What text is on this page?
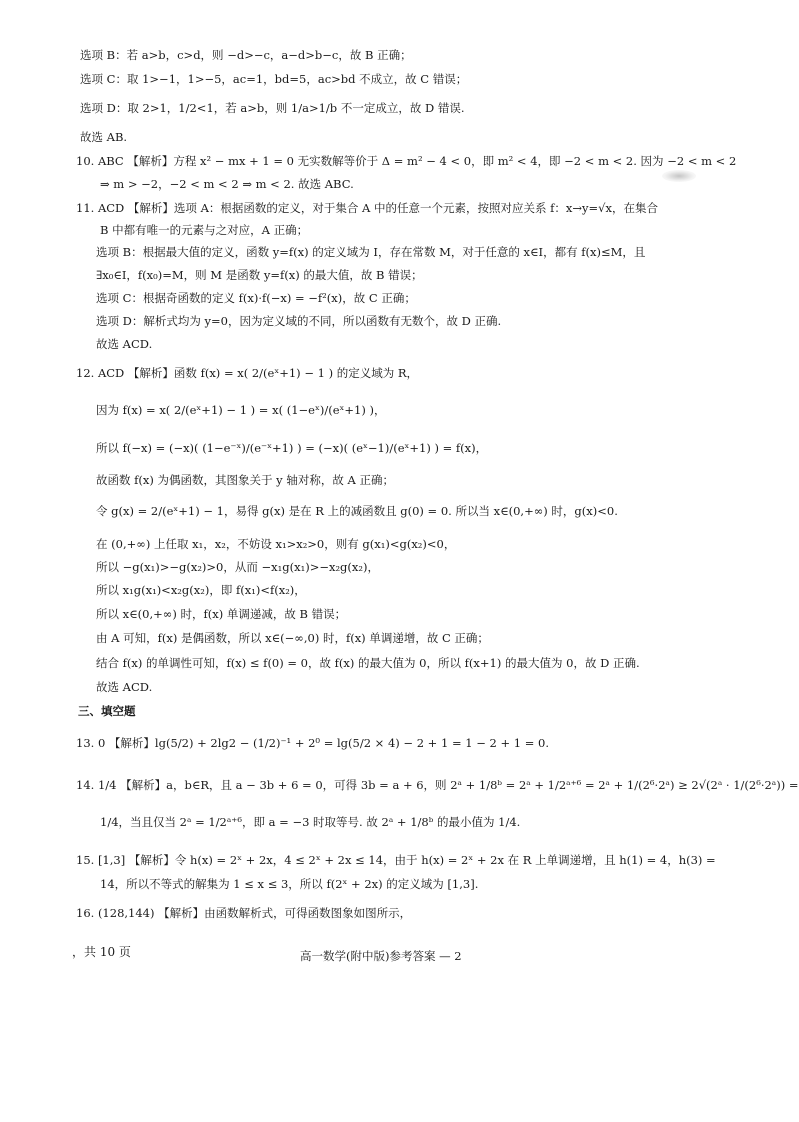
选项 B：若 a>b，c>d，则 −d>−c，a−d>b−c，故 B 正确；
选项 C：取 1>−1，1>−5，ac=1，bd=5，ac>bd 不成立，故 C 错误；
选项 D：取 2>1，1/2<1，若 a>b，则 1/a>1/b 不一定成立，故 D 错误.
故选 AB.
10. ABC 【解析】方程 x² − mx + 1 = 0 无实数解等价于 Δ = m² − 4 < 0，即 m² < 4，即 −2 < m < 2. 因为 −2 < m < 2
⇒ m > −2，−2 < m < 2 ⇒ m < 2. 故选 ABC.
11. ACD 【解析】选项 A：根据函数的定义，对于集合 A 中的任意一个元素，按照对应关系 f：x→y=√x，在集合
B 中都有唯一的元素与之对应，A 正确；
选项 B：根据最大值的定义，函数 y=f(x) 的定义域为 I，存在常数 M，对于任意的 x∈I，都有 f(x)≤M，且
∃x₀∈I，f(x₀)=M，则 M 是函数 y=f(x) 的最大值，故 B 错误；
选项 C：根据奇函数的定义 f(x)·f(−x) = −f²(x)，故 C 正确；
选项 D：解析式均为 y=0，因为定义域的不同，所以函数有无数个，故 D 正确.
故选 ACD.
12. ACD 【解析】函数 f(x) = x( 2/(eˣ+1) − 1 ) 的定义域为 R，
因为 f(x) = x( 2/(eˣ+1) − 1 ) = x( (1−eˣ)/(eˣ+1) )，
所以 f(−x) = (−x)( (1−e⁻ˣ)/(e⁻ˣ+1) ) = (−x)( (eˣ−1)/(eˣ+1) ) = f(x)，
故函数 f(x) 为偶函数，其图象关于 y 轴对称，故 A 正确；
令 g(x) = 2/(eˣ+1) − 1，易得 g(x) 是在 R 上的减函数且 g(0) = 0. 所以当 x∈(0,+∞) 时，g(x)<0.
在 (0,+∞) 上任取 x₁，x₂，不妨设 x₁>x₂>0，则有 g(x₁)<g(x₂)<0，
所以 −g(x₁)>−g(x₂)>0，从而 −x₁g(x₁)>−x₂g(x₂)，
所以 x₁g(x₁)<x₂g(x₂)，即 f(x₁)<f(x₂)，
所以 x∈(0,+∞) 时，f(x) 单调递减，故 B 错误；
由 A 可知，f(x) 是偶函数，所以 x∈(−∞,0) 时，f(x) 单调递增，故 C 正确；
结合 f(x) 的单调性可知，f(x) ≤ f(0) = 0，故 f(x) 的最大值为 0，所以 f(x+1) 的最大值为 0，故 D 正确.
故选 ACD.
三、填空题
13. 0 【解析】lg(5/2) + 2lg2 − (1/2)⁻¹ + 2⁰ = lg(5/2 × 4) − 2 + 1 = 1 − 2 + 1 = 0.
14. 1/4 【解析】a，b∈R，且 a − 3b + 6 = 0，可得 3b = a + 6，则 2ᵃ + 1/8ᵇ = 2ᵃ + 1/2ᵃ⁺⁶ = 2ᵃ + 1/(2⁶·2ᵃ) ≥ 2√(2ᵃ · 1/(2⁶·2ᵃ)) =
1/4，当且仅当 2ᵃ = 1/2ᵃ⁺⁶，即 a = −3 时取等号. 故 2ᵃ + 1/8ᵇ 的最小值为 1/4.
15. [1,3] 【解析】令 h(x) = 2ˣ + 2x，4 ≤ 2ˣ + 2x ≤ 14，由于 h(x) = 2ˣ + 2x 在 R 上单调递增，且 h(1) = 4，h(3) =
14，所以不等式的解集为 1 ≤ x ≤ 3，所以 f(2ˣ + 2x) 的定义域为 [1,3].
16. (128,144) 【解析】由函数解析式，可得函数图象如图所示，
，共 10 页	高一数学(附中版)参考答案 — 2
